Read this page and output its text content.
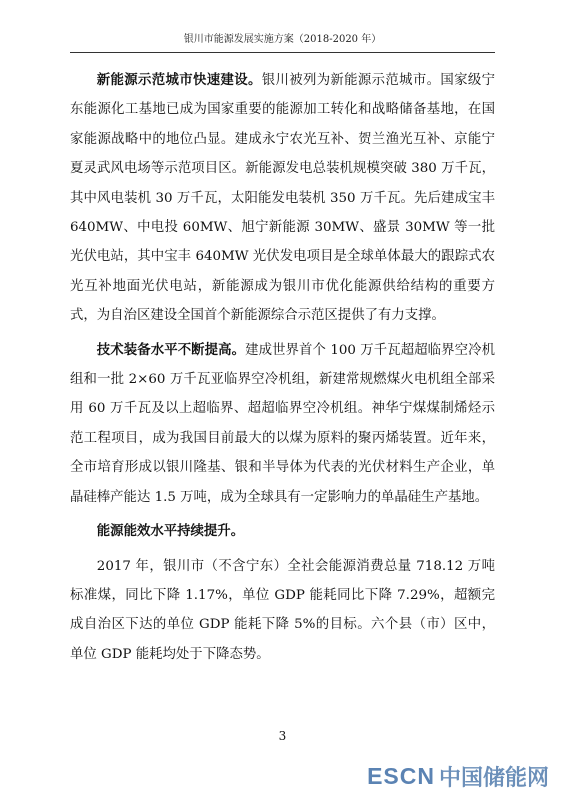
银川市能源发展实施方案（2018-2020 年）

新能源示范城市快速建设。银川被列为新能源示范城市。国家级宁东能源化工基地已成为国家重要的能源加工转化和战略储备基地，在国家能源战略中的地位凸显。建成永宁农光互补、贺兰渔光互补、京能宁夏灵武风电场等示范项目区。新能源发电总装机规模突破 380 万千瓦，其中风电装机 30 万千瓦，太阳能发电装机 350 万千瓦。先后建成宝丰 640MW、中电投 60MW、旭宁新能源 30MW、盛景 30MW 等一批光伏电站，其中宝丰 640MW 光伏发电项目是全球单体最大的跟踪式农光互补地面光伏电站，新能源成为银川市优化能源供给结构的重要方式，为自治区建设全国首个新能源综合示范区提供了有力支撑。

技术装备水平不断提高。建成世界首个 100 万千瓦超超临界空冷机组和一批 2×60 万千瓦亚临界空冷机组，新建常规燃煤火电机组全部采用 60 万千瓦及以上超临界、超超临界空冷机组。神华宁煤煤制烯烃示范工程项目，成为我国目前最大的以煤为原料的聚丙烯装置。近年来，全市培育形成以银川隆基、银和半导体为代表的光伏材料生产企业，单晶硅棒产能达 1.5 万吨，成为全球具有一定影响力的单晶硅生产基地。

能源能效水平持续提升。

2017 年，银川市（不含宁东）全社会能源消费总量 718.12 万吨标准煤，同比下降 1.17%，单位 GDP 能耗同比下降 7.29%，超额完成自治区下达的单位 GDP 能耗下降 5%的目标。六个县（市）区中，单位 GDP 能耗均处于下降态势。

3
ESCN 中国储能网
